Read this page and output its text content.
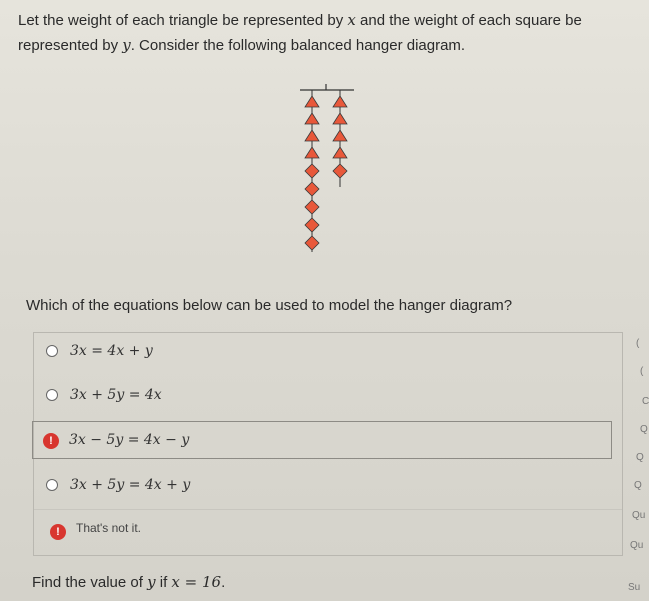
Let the weight of each triangle be represented by x and the weight of each square be represented by y. Consider the following balanced hanger diagram.
Which of the equations below can be used to model the hanger diagram?
3x = 4x + y
3x + 5y = 4x
!	3x − 5y = 4x − y
3x + 5y = 4x + y
!	That's not it.
Find the value of y if x = 16.
(
(
C
Q
Q
Q
Qu
Qu
Su
